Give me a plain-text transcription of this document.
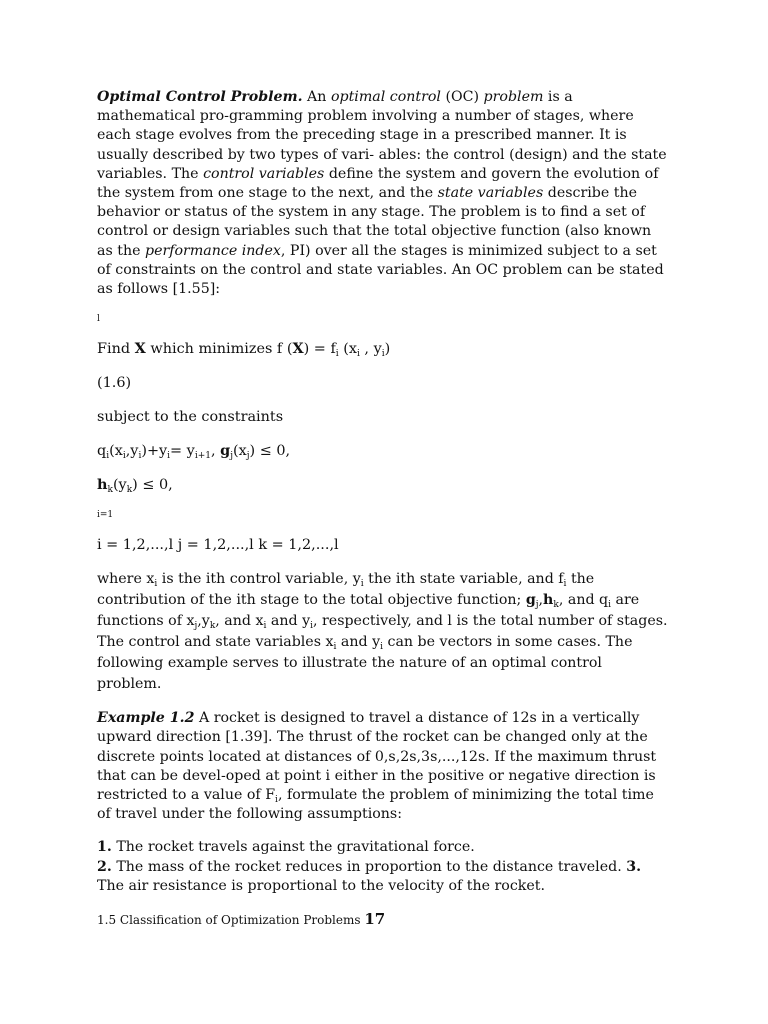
Optimal Control Problem. An optimal control (OC) problem is a mathematical pro-gramming problem involving a number of stages, where each stage evolves from the preceding stage in a prescribed manner. It is usually described by two types of vari- ables: the control (design) and the state variables. The control variables define the system and govern the evolution of the system from one stage to the next, and the state variables describe the behavior or status of the system in any stage. The problem is to find a set of control or design variables such that the total objective function (also known as the performance index, PI) over all the stages is minimized subject to a set of constraints on the control and state variables. An OC problem can be stated as follows [1.55]:

l

Find X which minimizes f $(X) = f_i$ ($x_i$ , $y_i$)

(1.6)

subject to the constraints

$q_i(x_i,y_i)+y_i= y_{i+1}$, $g_j(x_j) \le 0$,

$h_k(y_k) \le 0$,

i=1

i = 1,2,...,l j = 1,2,...,l k = 1,2,...,l

where $x_i$ is the ith control variable, $y_i$ the ith state variable, and $f_i$ the contribution of the ith stage to the total objective function; $g_j,h_k$, and $q_i$ are functions of $x_j,y_k$, and $x_i$ and $y_i$, respectively, and l is the total number of stages. The control and state variables $x_i$ and $y_i$ can be vectors in some cases. The following example serves to illustrate the nature of an optimal control problem.

Example 1.2 A rocket is designed to travel a distance of 12s in a vertically upward direction [1.39]. The thrust of the rocket can be changed only at the discrete points located at distances of 0,s,2s,3s,...,12s. If the maximum thrust that can be devel-oped at point i either in the positive or negative direction is restricted to a value of $F_i$, formulate the problem of minimizing the total time of travel under the following assumptions:

1. The rocket travels against the gravitational force.
2. The mass of the rocket reduces in proportion to the distance traveled. 3. The air resistance is proportional to the velocity of the rocket.

1.5 Classification of Optimization Problems 17
